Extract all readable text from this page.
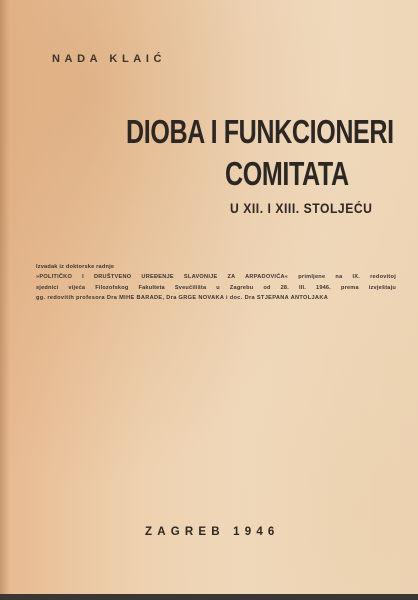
NADA KLAIĆ
DIOBA I FUNKCIONERI
COMITATA
U XII. I XIII. STOLJEĆU
Izvadak iz doktorske radnje
»POLITIČKO I DRUŠTVENO UREĐENJE SLAVONIJE ZA ARPADOVIĆA« primljene na IX. redovitoj
sjednici vijeća Filozofskog Fakulteta Sveučilišta u Zagrebu od 28. III. 1946. prema izvještaju
gg. redovitih profesora Dra MIHE BARADE, Dra GRGE NOVAKA i doc. Dra STJEPANA ANTOLJAKA
ZAGREB 1946
